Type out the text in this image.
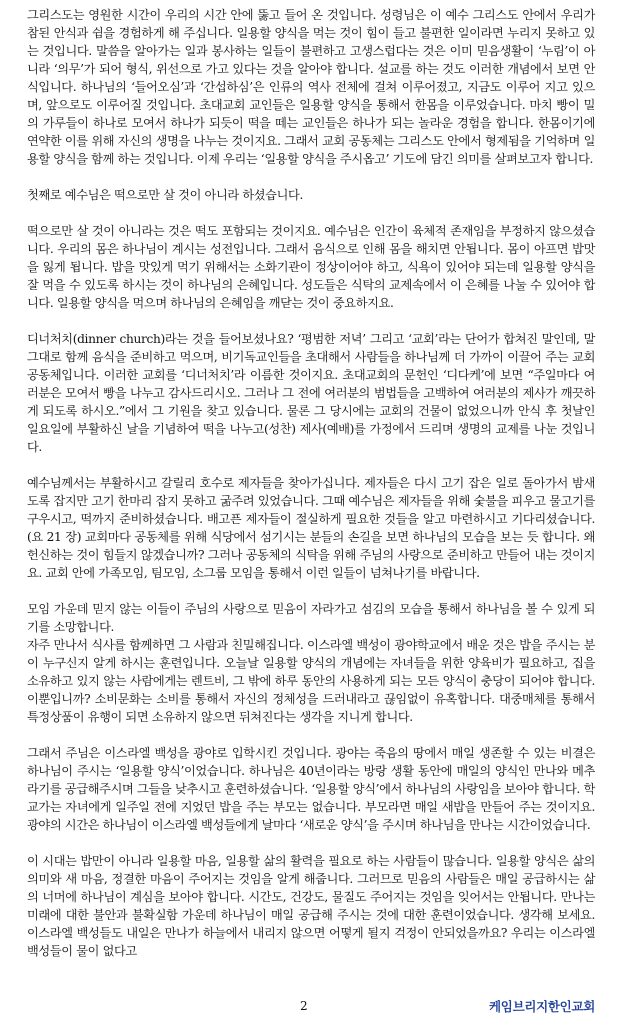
그리스도는 영원한 시간이 우리의 시간 안에 뚫고 들어 온 것입니다. 성령님은 이 예수 그리스도 안에서 우리가 참된 안식과 쉼을 경험하게 해 주십니다. 일용할 양식을 먹는 것이 힘이 들고 불편한 일이라면 누리지 못하고 있는 것입니다. 말씀을 알아가는 일과 봉사하는 일들이 불편하고 고생스럽다는 것은 이미 믿음생활이 ‘누림’이 아니라 ‘의무’가 되어 형식, 위선으로 가고 있다는 것을 알아야 합니다. 설교를 하는 것도 이러한 개념에서 보면 안식입니다. 하나님의 ‘들어오심’과 ‘간섭하심’은 인류의 역사 전체에 걸쳐 이루어졌고, 지금도 이루어 지고 있으며, 앞으로도 이루어질 것입니다. 초대교회 교인들은 일용할 양식을 통해서 한몸을 이루었습니다. 마치 빵이 밀의 가루들이 하나로 모여서 하나가 되듯이 떡을 떼는 교인들은 하나가 되는 놀라운 경험을 합니다. 한몸이기에 연약한 이를 위해 자신의 생명을 나누는 것이지요. 그래서 교회 공동체는 그리스도 안에서 형제됨을 기억하며 일용할 양식을 함께 하는 것입니다. 이제 우리는 ‘일용할 양식을 주시옵고’ 기도에 담긴 의미를 살펴보고자 합니다.

첫째로 예수님은 떡으로만 살 것이 아니라 하셨습니다.

떡으로만 살 것이 아니라는 것은 떡도 포함되는 것이지요. 예수님은 인간이 육체적 존재임을 부정하지 않으셨습니다. 우리의 몸은 하나님이 계시는 성전입니다. 그래서 음식으로 인해 몸을 해치면 안됩니다. 몸이 아프면 밥맛을 잃게 됩니다. 밥을 맛있게 먹기 위해서는 소화기관이 정상이어야 하고, 식욕이 있어야 되는데 일용할 양식을 잘 먹을 수 있도록 하시는 것이 하나님의 은혜입니다. 성도들은 식탁의 교제속에서 이 은혜를 나눌 수 있어야 합니다. 일용할 양식을 먹으며 하나님의 은혜임을 깨닫는 것이 중요하지요.

디너처치(dinner church)라는 것을 들어보셨나요? ‘평범한 저녁’ 그리고 ‘교회’라는 단어가 합쳐진 말인데, 말 그대로 함께 음식을 준비하고 먹으며, 비기독교인들을 초대해서 사람들을 하나님께 더 가까이 이끌어 주는 교회 공동체입니다. 이러한 교회를 ‘디너처치’라 이름한 것이지요. 초대교회의 문헌인 ‘디다케’에 보면 “주일마다 여러분은 모여서 빵을 나누고 감사드리시오. 그러나 그 전에 여러분의 범법들을 고백하여 여러분의 제사가 깨끗하게 되도록 하시오.”에서 그 기원을 찾고 있습니다. 물론 그 당시에는 교회의 건물이 없었으니까 안식 후 첫날인 일요일에 부활하신 날을 기념하여 떡을 나누고(성찬) 제사(예배)를 가정에서 드리며 생명의 교제를 나눈 것입니다.

예수님께서는 부활하시고 갈릴리 호수로 제자들을 찾아가십니다. 제자들은 다시 고기 잡은 일로 돌아가서 밤새도록 잡지만 고기 한마리 잡지 못하고 굶주려 있었습니다. 그때 예수님은 제자들을 위해 숯불을 피우고 물고기를 구우시고, 떡까지 준비하셨습니다. 배고픈 제자들이 절실하게 필요한 것들을 알고 마련하시고 기다리셨습니다.(요 21 장) 교회마다 공동체를 위해 식당에서 섬기시는 분들의 손길을 보면 하나님의 모습을 보는 듯 합니다. 왜 헌신하는 것이 힘들지 않겠습니까? 그러나 공동체의 식탁을 위해 주님의 사랑으로 준비하고 만들어 내는 것이지요. 교회 안에 가족모임, 팀모임, 소그룹 모임을 통해서 이런 일들이 넘쳐나기를 바랍니다.

모임 가운데 믿지 않는 이들이 주님의 사랑으로 믿음이 자라가고 섬김의 모습을 통해서 하나님을 볼 수 있게 되기를 소망합니다.

자주 만나서 식사를 함께하면 그 사람과 친밀해집니다. 이스라엘 백성이 광야학교에서 배운 것은 밥을 주시는 분이 누구신지 알게 하시는 훈련입니다. 오늘날 일용할 양식의 개념에는 자녀들을 위한 양육비가 필요하고, 집을 소유하고 있지 않는 사람에게는 렌트비, 그 밖에 하루 동안의 사용하게 되는 모든 양식이 충당이 되어야 합니다. 이뿐입니까? 소비문화는 소비를 통해서 자신의 정체성을 드러내라고 끊임없이 유혹합니다. 대중매체를 통해서 특정상품이 유행이 되면 소유하지 않으면 뒤쳐진다는 생각을 지니게 합니다.

그래서 주님은 이스라엘 백성을 광야로 입학시킨 것입니다. 광야는 죽음의 땅에서 매일 생존할 수 있는 비결은 하나님이 주시는 ‘일용할 양식’이었습니다. 하나님은 40년이라는 방랑 생활 동안에 매일의 양식인 만나와 메추라기를 공급해주시며 그들을 낮추시고 훈련하셨습니다. ‘일용할 양식’에서 하나님의 사랑임을 보아야 합니다. 학교가는 자녀에게 일주일 전에 지었던 밥을 주는 부모는 없습니다. 부모라면 매일 새밥을 만들어 주는 것이지요. 광야의 시간은 하나님이 이스라엘 백성들에게 날마다 ‘새로운 양식’을 주시며 하나님을 만나는 시간이었습니다.

이 시대는 밥만이 아니라 일용할 마음, 일용할 삶의 활력을 필요로 하는 사람들이 많습니다. 일용할 양식은 삶의 의미와 새 마음, 정결한 마음이 주어지는 것임을 알게 해줍니다. 그러므로 믿음의 사람들은 매일 공급하시는 삶의 너머에 하나님이 계심을 보아야 합니다. 시간도, 건강도, 물질도 주어지는 것임을 잊어서는 안됩니다. 만나는 미래에 대한 불안과 불확실함 가운데 하나님이 매일 공급해 주시는 것에 대한 훈련이었습니다. 생각해 보세요. 이스라엘 백성들도 내일은 만나가 하늘에서 내리지 않으면 어떻게 될지 걱정이 안되었을까요? 우리는 이스라엘 백성들이 물이 없다고

2	케임브리지한인교회
